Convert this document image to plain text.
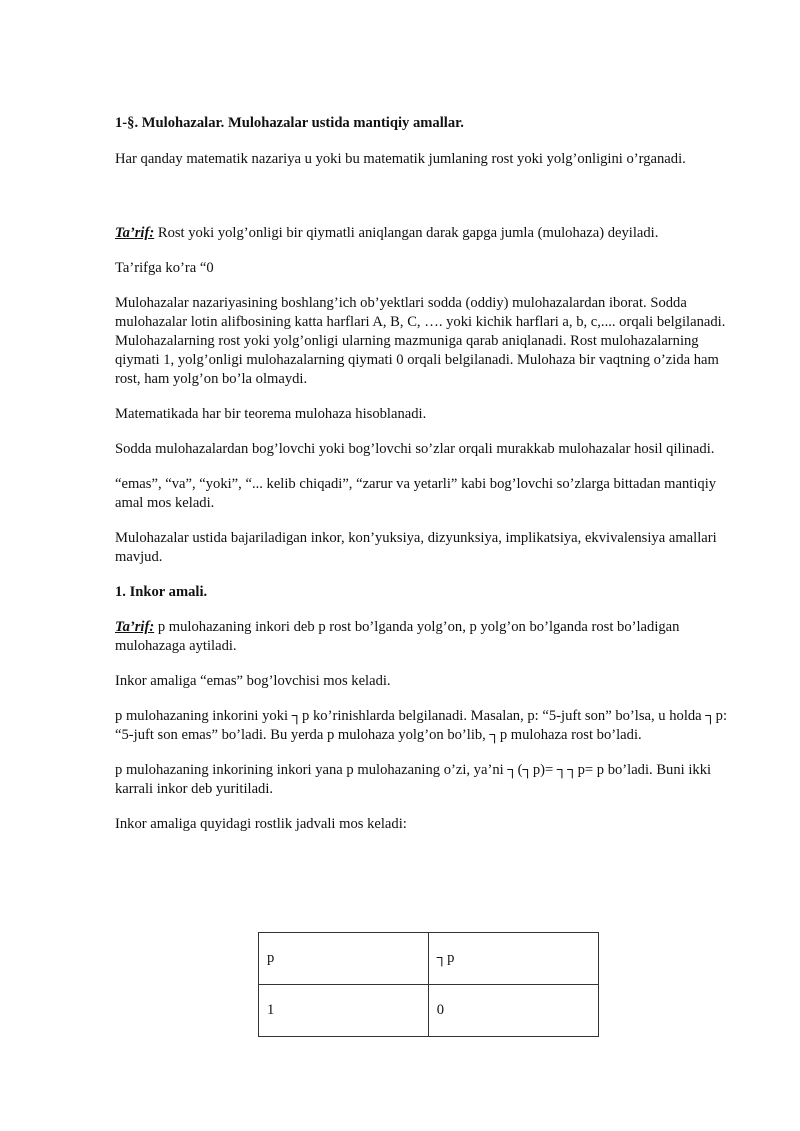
1-§. Mulohazalar. Mulohazalar ustida mantiqiy amallar.

Har qanday matematik nazariya u yoki bu matematik jumlaning rost yoki yolg’onligini o’rganadi.

Ta’rif: Rost yoki yolg’onligi bir qiymatli aniqlangan darak gapga jumla (mulohaza) deyiladi.

Ta’rifga ko’ra “0

Mulohazalar nazariyasining boshlang’ich ob’yektlari sodda (oddiy) mulohazalardan iborat. Sodda mulohazalar lotin alifbosining katta harflari A, B, C, …. yoki kichik harflari a, b, c,.... orqali belgilanadi. Mulohazalarning rost yoki yolg’onligi ularning mazmuniga qarab aniqlanadi. Rost mulohazalarning qiymati 1, yolg’onligi mulohazalarning qiymati 0 orqali belgilanadi. Mulohaza bir vaqtning o’zida ham rost, ham yolg’on bo’la olmaydi.

Matematikada har bir teorema mulohaza hisoblanadi.

Sodda mulohazalardan bog’lovchi yoki bog’lovchi so’zlar orqali murakkab mulohazalar hosil qilinadi.

“emas”, “va”, “yoki”, “... kelib chiqadi”, “zarur va yetarli” kabi bog’lovchi so’zlarga bittadan mantiqiy amal mos keladi.

Mulohazalar ustida bajariladigan inkor, kon’yuksiya, dizyunksiya, implikatsiya, ekvivalensiya amallari mavjud.

1. Inkor amali.

Ta’rif: p mulohazaning inkori deb p rost bo’lganda yolg’on, p yolg’on bo’lganda rost bo’ladigan mulohazaga aytiladi.

Inkor amaliga “emas” bog’lovchisi mos keladi.

p mulohazaning inkorini yoki ┐p ko’rinishlarda belgilanadi. Masalan, p: “5-juft son” bo’lsa, u holda ┐p: “5-juft son emas” bo’ladi. Bu yerda p mulohaza yolg’on bo’lib, ┐p mulohaza rost bo’ladi.

p mulohazaning inkorining inkori yana p mulohazaning o’zi, ya’ni ┐(┐p)= ┐┐p= p bo’ladi. Buni ikki karrali inkor deb yuritiladi.

Inkor amaliga quyidagi rostlik jadvali mos keladi:

p	┐p
1	0
